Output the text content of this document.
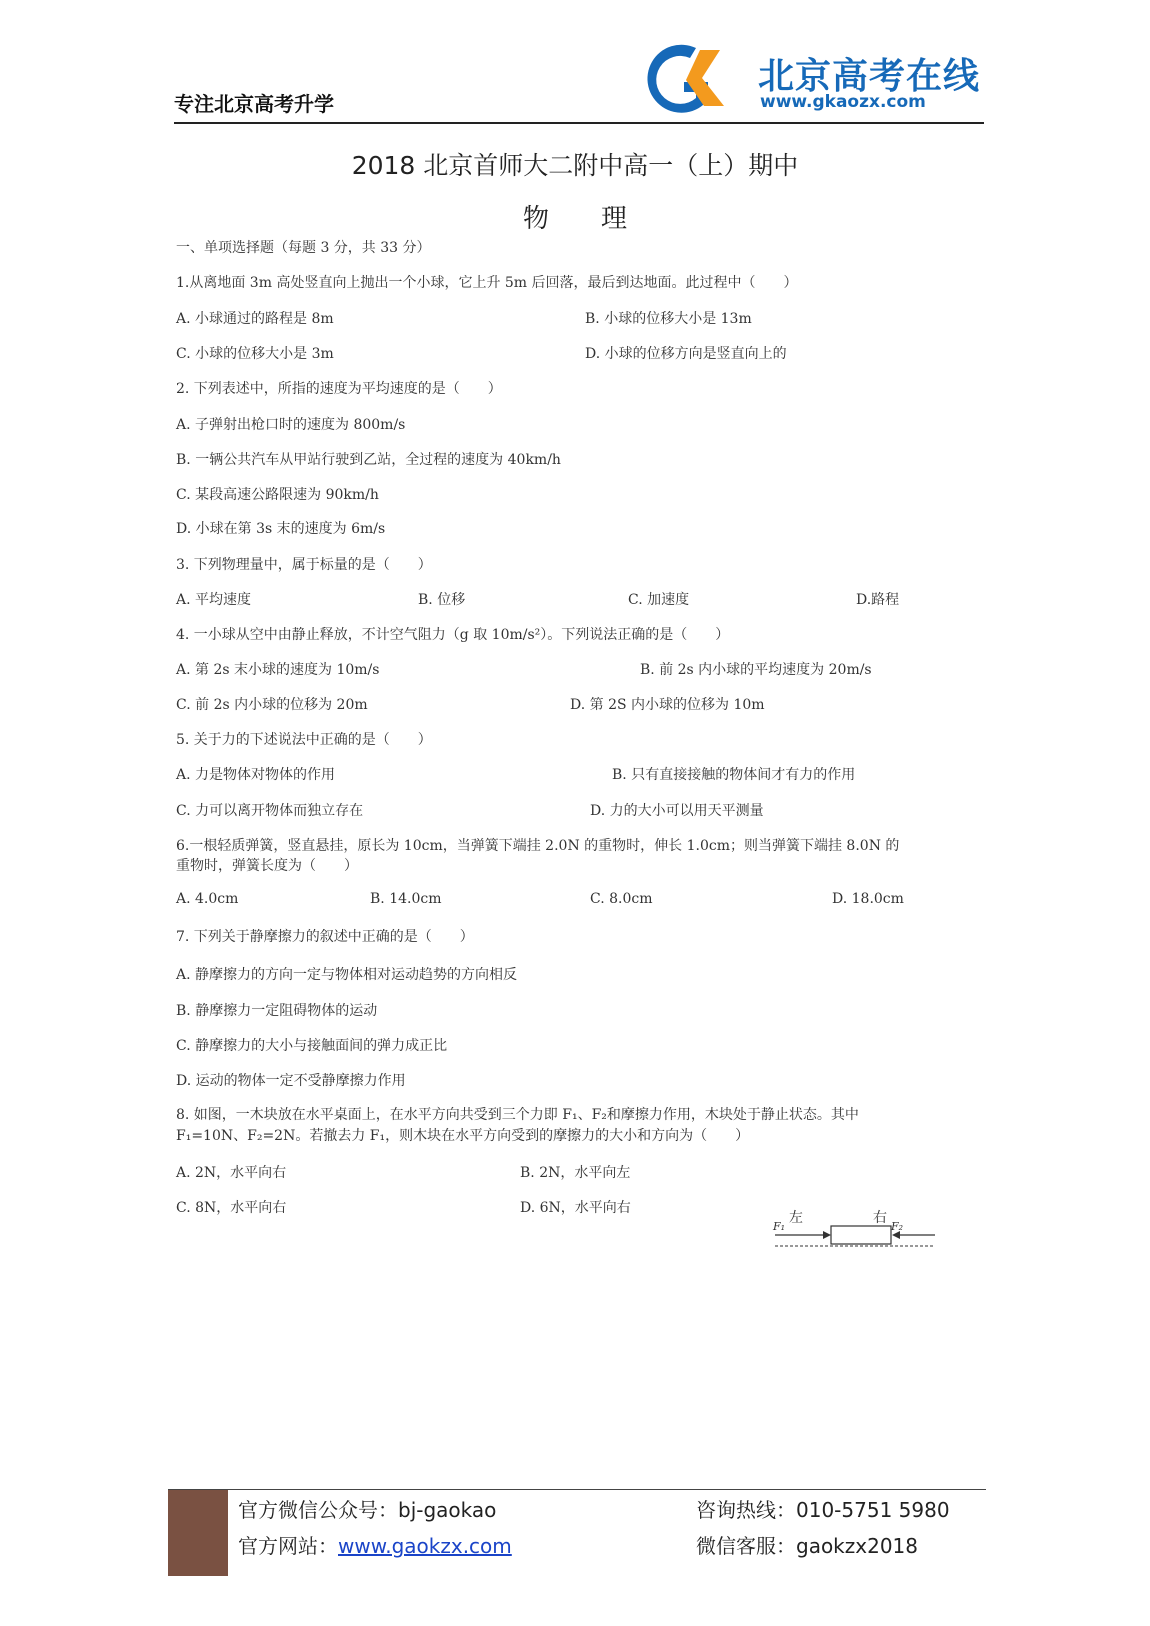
专注北京高考升学
北京高考在线
www.gkaozx.com
2018 北京首师大二附中高一（上）期中
物理
一、单项选择题（每题 3 分，共 33 分）
1.从离地面 3m 高处竖直向上抛出一个小球，它上升 5m 后回落，最后到达地面。此过程中（　　）
A. 小球通过的路程是 8m	B. 小球的位移大小是 13m
C. 小球的位移大小是 3m	D. 小球的位移方向是竖直向上的
2. 下列表述中，所指的速度为平均速度的是（　　）
A. 子弹射出枪口时的速度为 800m/s
B. 一辆公共汽车从甲站行驶到乙站，全过程的速度为 40km/h
C. 某段高速公路限速为 90km/h
D. 小球在第 3s 末的速度为 6m/s
3. 下列物理量中，属于标量的是（　　）
A. 平均速度	B. 位移	C. 加速度	D.路程
4. 一小球从空中由静止释放，不计空气阻力（g 取 10m/s²）。下列说法正确的是（　　）
A. 第 2s 末小球的速度为 10m/s	B. 前 2s 内小球的平均速度为 20m/s
C. 前 2s 内小球的位移为 20m	D. 第 2S 内小球的位移为 10m
5. 关于力的下述说法中正确的是（　　）
A. 力是物体对物体的作用	B. 只有直接接触的物体间才有力的作用
C. 力可以离开物体而独立存在	D. 力的大小可以用天平测量
6.一根轻质弹簧，竖直悬挂，原长为 10cm，当弹簧下端挂 2.0N 的重物时，伸长 1.0cm；则当弹簧下端挂 8.0N 的
重物时，弹簧长度为（　　）
A. 4.0cm	B. 14.0cm	C. 8.0cm	D. 18.0cm
7. 下列关于静摩擦力的叙述中正确的是（　　）
A. 静摩擦力的方向一定与物体相对运动趋势的方向相反
B. 静摩擦力一定阻碍物体的运动
C. 静摩擦力的大小与接触面间的弹力成正比
D. 运动的物体一定不受静摩擦力作用
8. 如图，一木块放在水平桌面上，在水平方向共受到三个力即 F₁、F₂和摩擦力作用，木块处于静止状态。其中
F₁=10N、F₂=2N。若撤去力 F₁，则木块在水平方向受到的摩擦力的大小和方向为（　　）
A. 2N，水平向右	B. 2N，水平向左
C. 8N，水平向右	D. 6N，水平向右
左	右
F₁	F₂
官方微信公众号：bj-gaokao
官方网站：www.gaokzx.com
咨询热线：010-5751 5980
微信客服：gaokzx2018
